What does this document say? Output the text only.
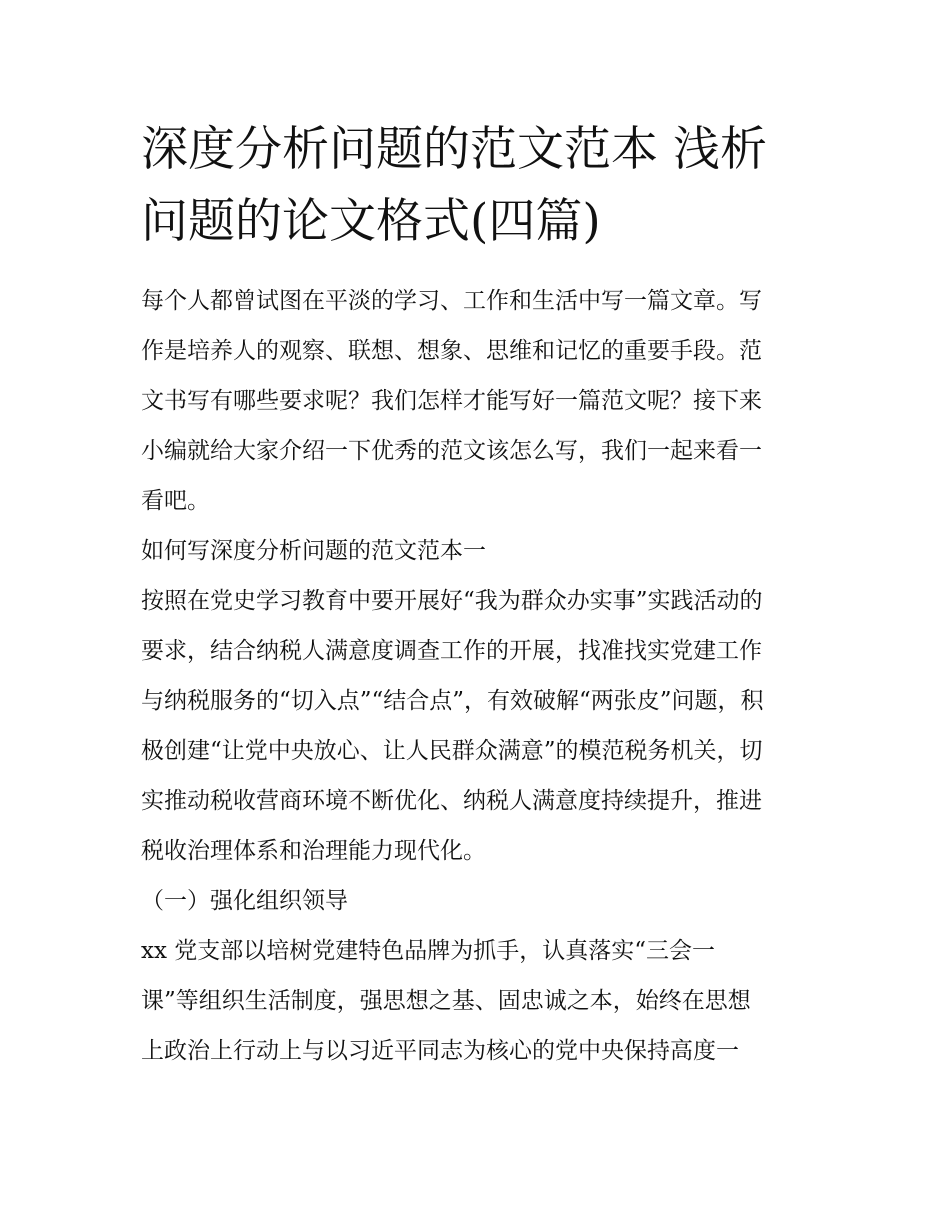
深度分析问题的范文范本 浅析
问题的论文格式(四篇)

每个人都曾试图在平淡的学习、工作和生活中写一篇文章。写
作是培养人的观察、联想、想象、思维和记忆的重要手段。范
文书写有哪些要求呢？我们怎样才能写好一篇范文呢？接下来
小编就给大家介绍一下优秀的范文该怎么写，我们一起来看一
看吧。

如何写深度分析问题的范文范本一

按照在党史学习教育中要开展好“我为群众办实事”实践活动的
要求，结合纳税人满意度调查工作的开展，找准找实党建工作
与纳税服务的“切入点”“结合点”，有效破解“两张皮”问题，积
极创建“让党中央放心、让人民群众满意”的模范税务机关，切
实推动税收营商环境不断优化、纳税人满意度持续提升，推进
税收治理体系和治理能力现代化。

（一）强化组织领导

xx 党支部以培树党建特色品牌为抓手，认真落实“三会一
课”等组织生活制度，强思想之基、固忠诚之本，始终在思想
上政治上行动上与以习近平同志为核心的党中央保持高度一
